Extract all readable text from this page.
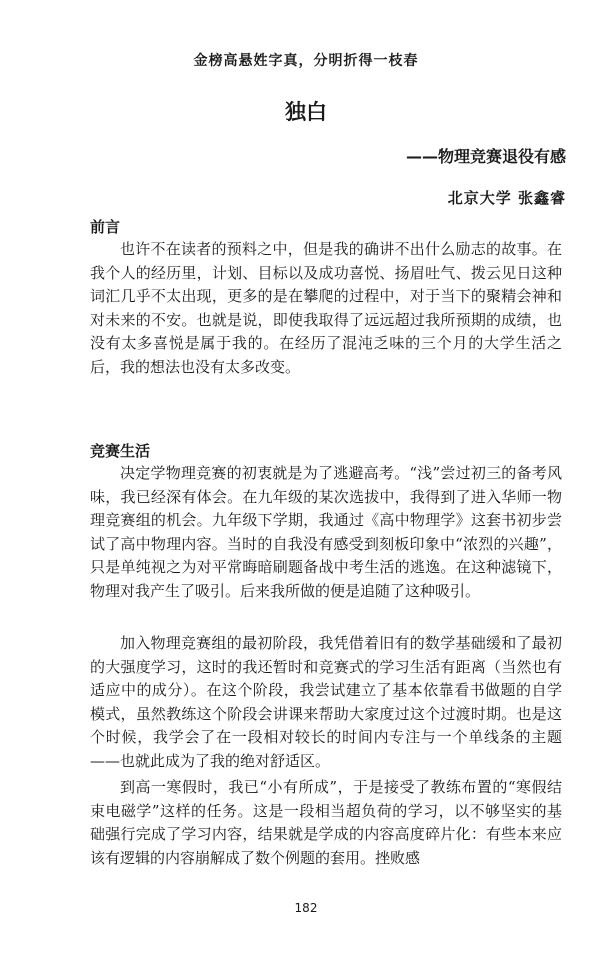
金榜高悬姓字真，分明折得一枝春
独白
——物理竞赛退役有感
北京大学 张鑫睿
前言

也许不在读者的预料之中，但是我的确讲不出什么励志的故事。在我个人的经历里，计划、目标以及成功喜悦、扬眉吐气、拨云见日这种词汇几乎不太出现，更多的是在攀爬的过程中，对于当下的聚精会神和对未来的不安。也就是说，即使我取得了远远超过我所预期的成绩，也没有太多喜悦是属于我的。在经历了混沌乏味的三个月的大学生活之后，我的想法也没有太多改变。

竞赛生活

决定学物理竞赛的初衷就是为了逃避高考。“浅”尝过初三的备考风味，我已经深有体会。在九年级的某次选拔中，我得到了进入华师一物理竞赛组的机会。九年级下学期，我通过《高中物理学》这套书初步尝试了高中物理内容。当时的自我没有感受到刻板印象中“浓烈的兴趣”，只是单纯视之为对平常晦暗刷题备战中考生活的逃逸。在这种滤镜下，物理对我产生了吸引。后来我所做的便是追随了这种吸引。

加入物理竞赛组的最初阶段，我凭借着旧有的数学基础缓和了最初的大强度学习，这时的我还暂时和竞赛式的学习生活有距离（当然也有适应中的成分）。在这个阶段，我尝试建立了基本依靠看书做题的自学模式，虽然教练这个阶段会讲课来帮助大家度过这个过渡时期。也是这个时候，我学会了在一段相对较长的时间内专注与一个单线条的主题——也就此成为了我的绝对舒适区。

到高一寒假时，我已“小有所成”，于是接受了教练布置的“寒假结束电磁学”这样的任务。这是一段相当超负荷的学习，以不够坚实的基础强行完成了学习内容，结果就是学成的内容高度碎片化：有些本来应该有逻辑的内容崩解成了数个例题的套用。挫败感

182
